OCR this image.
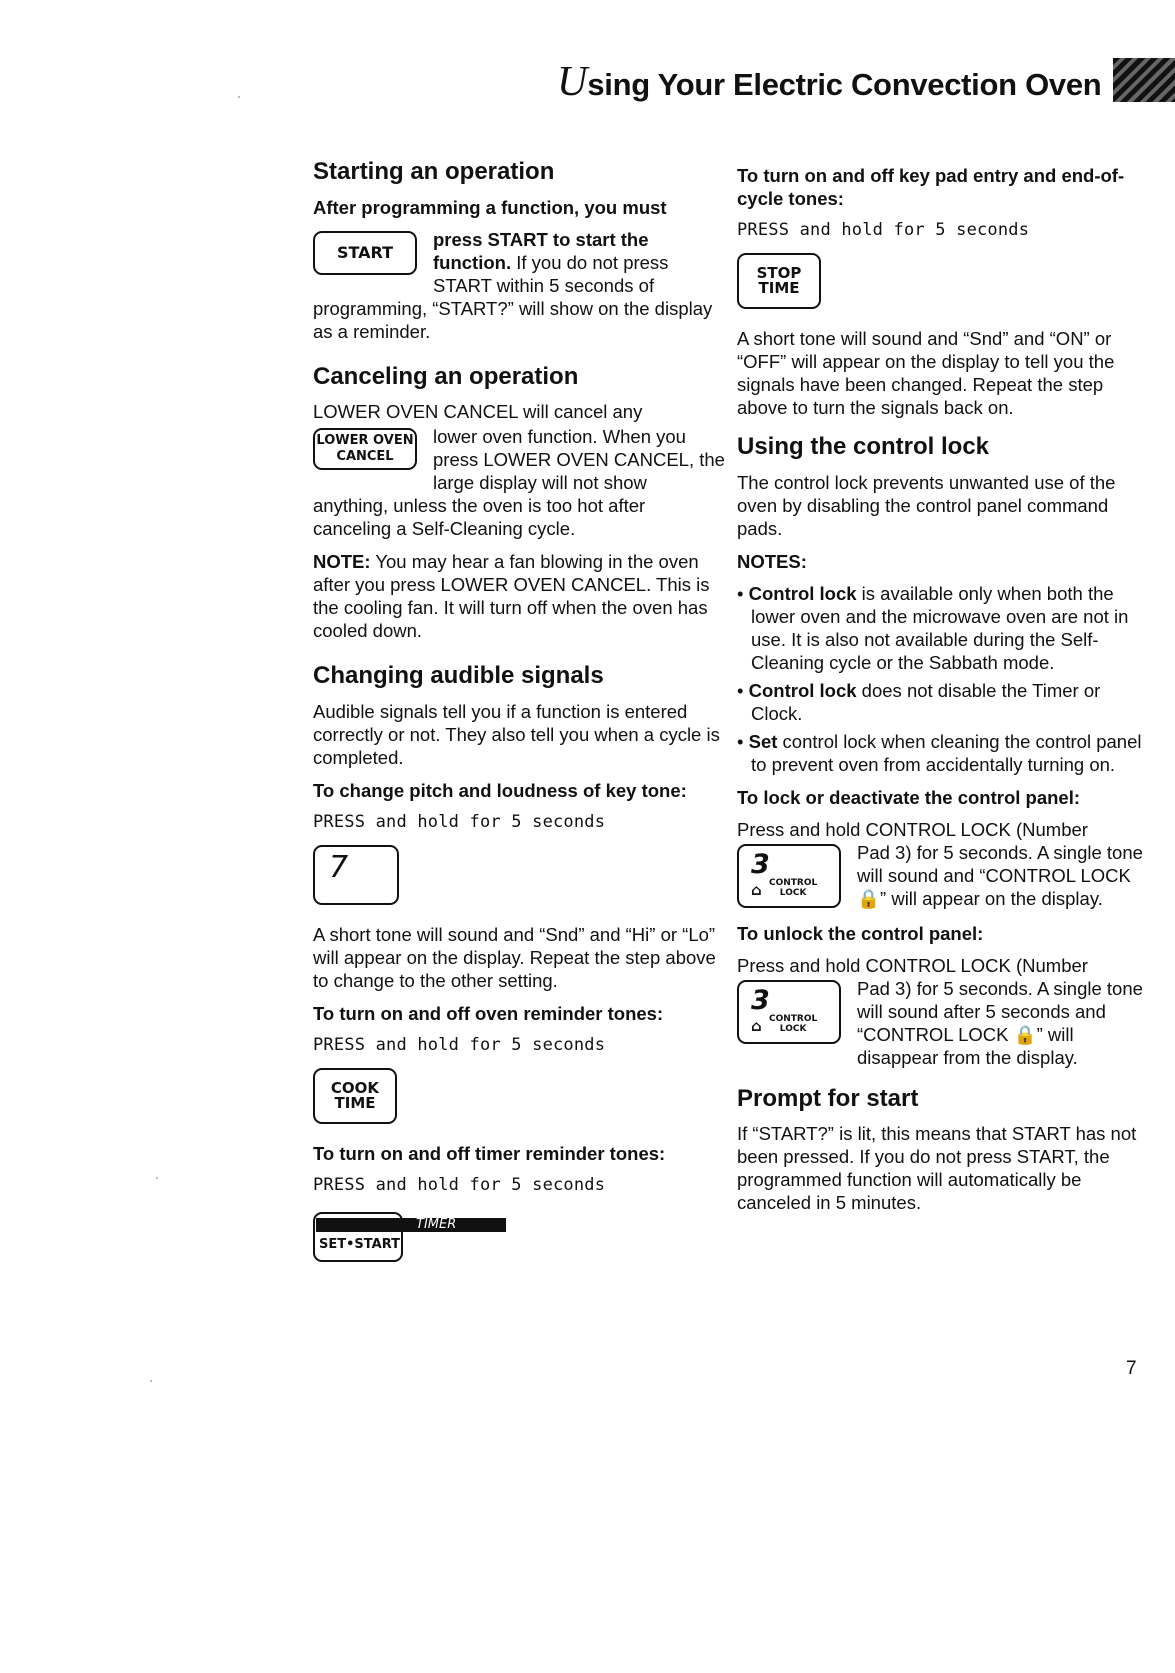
Using Your Electric Convection Oven
Starting an operation
After programming a function, you must
START

press START to start the function. If you do not press START within 5 seconds of programming, “START?” will show on the display as a reminder.

Canceling an operation
LOWER OVEN CANCEL will cancel any
LOWER OVEN
CANCEL

lower oven function. When you press LOWER OVEN CANCEL, the large display will not show anything, unless the oven is too hot after canceling a Self-Cleaning cycle.

NOTE: You may hear a fan blowing in the oven after you press LOWER OVEN CANCEL. This is the cooling fan. It will turn off when the oven has cooled down.

Changing audible signals

Audible signals tell you if a function is entered correctly or not. They also tell you when a cycle is completed.

To change pitch and loudness of key tone:
PRESS and hold for 5 seconds
7

A short tone will sound and “Snd” and “Hi” or “Lo” will appear on the display. Repeat the step above to change to the other setting.

To turn on and off oven reminder tones:
PRESS and hold for 5 seconds
COOK
TIME
To turn on and off timer reminder tones:
PRESS and hold for 5 seconds
TIMER
SET•START
To turn on and off key pad entry and end-of-cycle tones:
PRESS and hold for 5 seconds
STOP
TIME

A short tone will sound and “Snd” and “ON” or “OFF” will appear on the display to tell you the signals have been changed. Repeat the step above to turn the signals back on.

Using the control lock

The control lock prevents unwanted use of the oven by disabling the control panel command pads.

NOTES:
• Control lock is available only when both the lower oven and the microwave oven are not in use. It is also not available during the Self-Cleaning cycle or the Sabbath mode.
• Control lock does not disable the Timer or Clock.
• Set control lock when cleaning the control panel to prevent oven from accidentally turning on.
To lock or deactivate the control panel:
Press and hold CONTROL LOCK (Number
3
⌂ CONTROL
LOCK

Pad 3) for 5 seconds. A single tone will sound and “CONTROL LOCK 🔒” will appear on the display.

To unlock the control panel:
Press and hold CONTROL LOCK (Number
3
⌂ CONTROL
LOCK

Pad 3) for 5 seconds. A single tone will sound after 5 seconds and “CONTROL LOCK 🔒” will disappear from the display.

Prompt for start

If “START?” is lit, this means that START has not been pressed. If you do not press START, the programmed function will automatically be canceled in 5 minutes.

7
